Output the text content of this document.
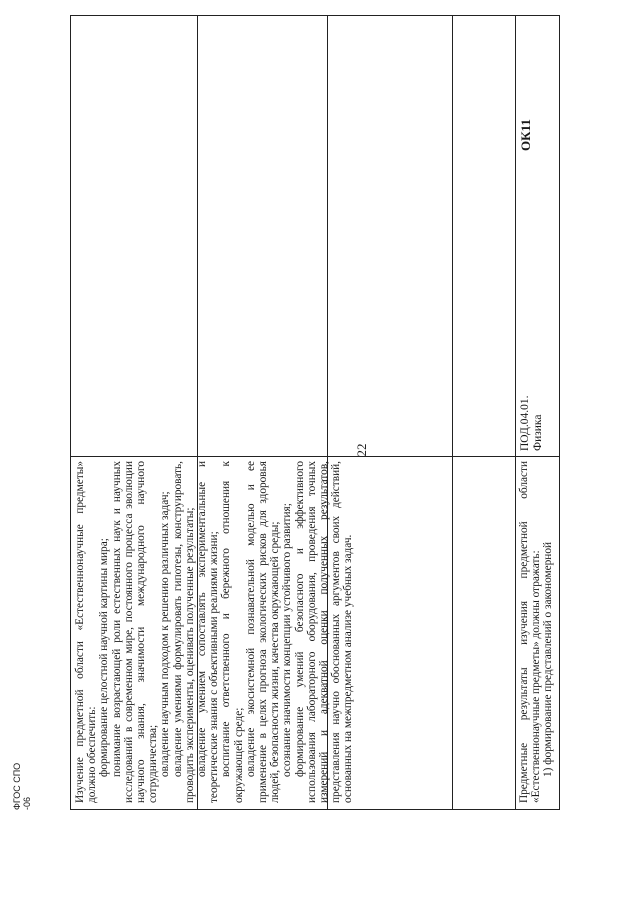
22
ФГОС СПО -06

Изучение предметной области «Естественнонаучные предметы» должно обеспечить: формирование целостной научной картины мира; понимание возрастающей роли естественных наук и научных исследований в современном мире, постоянного процесса эволюции научного знания, значимости международного научного сотрудничества; овладение научным подходом к решению различных задач; овладение умениями формулировать гипотезы, конструировать, проводить эксперименты, оценивать полученные результаты; овладение умением сопоставлять экспериментальные и теоретические знания с объективными реалиями жизни; воспитание ответственного и бережного отношения к окружающей среде; овладение экосистемной познавательной моделью и ее применение в целях прогноза экологических рисков для здоровья людей, безопасности жизни, качества окружающей среды; осознание значимости концепции устойчивого развития; формирование умений безопасного и эффективного использования лабораторного оборудования, проведения точных измерений и адекватной оценки полученных результатов, представления научно обоснованных аргументов своих действий, основанных на межпредметном анализе учебных задач.	Предметные результаты изучения предметной области «Естественнонаучные предметы» должны отражать: 1) формирование представлений о закономерной

ПОД.04.01. Физика
ОК11
